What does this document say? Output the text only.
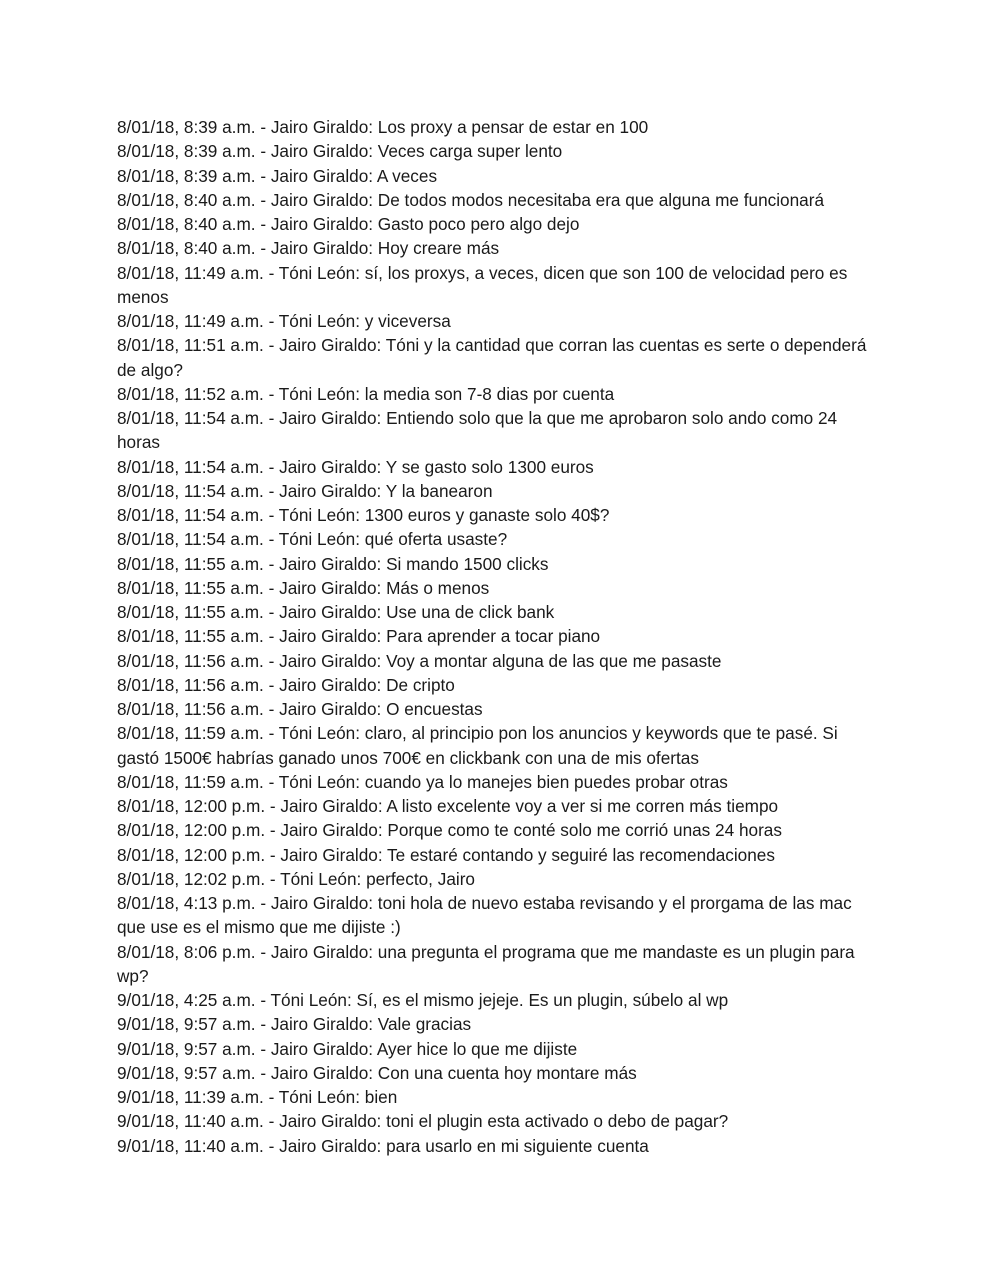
8/01/18, 8:39 a.m. - Jairo Giraldo: Los proxy a pensar de estar en 100
8/01/18, 8:39 a.m. - Jairo Giraldo: Veces carga super lento
8/01/18, 8:39 a.m. - Jairo Giraldo: A veces
8/01/18, 8:40 a.m. - Jairo Giraldo: De todos modos necesitaba era que alguna me funcionará
8/01/18, 8:40 a.m. - Jairo Giraldo: Gasto poco pero algo dejo
8/01/18, 8:40 a.m. - Jairo Giraldo: Hoy creare más
8/01/18, 11:49 a.m. - Tóni León: sí, los proxys, a veces, dicen que son 100 de velocidad pero es menos
8/01/18, 11:49 a.m. - Tóni León: y viceversa
8/01/18, 11:51 a.m. - Jairo Giraldo: Tóni y la cantidad que corran las cuentas es serte o dependerá de algo?
8/01/18, 11:52 a.m. - Tóni León: la media son 7-8 dias por cuenta
8/01/18, 11:54 a.m. - Jairo Giraldo: Entiendo solo que la que me aprobaron solo ando como 24 horas
8/01/18, 11:54 a.m. - Jairo Giraldo: Y se gasto solo 1300 euros
8/01/18, 11:54 a.m. - Jairo Giraldo: Y la banearon
8/01/18, 11:54 a.m. - Tóni León: 1300 euros y ganaste solo 40$?
8/01/18, 11:54 a.m. - Tóni León: qué oferta usaste?
8/01/18, 11:55 a.m. - Jairo Giraldo: Si mando 1500 clicks
8/01/18, 11:55 a.m. - Jairo Giraldo: Más o menos
8/01/18, 11:55 a.m. - Jairo Giraldo: Use una de click bank
8/01/18, 11:55 a.m. - Jairo Giraldo: Para aprender a tocar piano
8/01/18, 11:56 a.m. - Jairo Giraldo: Voy a montar alguna de las que me pasaste
8/01/18, 11:56 a.m. - Jairo Giraldo: De cripto
8/01/18, 11:56 a.m. - Jairo Giraldo: O encuestas
8/01/18, 11:59 a.m. - Tóni León: claro, al principio pon los anuncios y keywords que te pasé. Si gastó 1500€ habrías ganado unos 700€ en clickbank con una de mis ofertas
8/01/18, 11:59 a.m. - Tóni León: cuando ya lo manejes bien puedes probar otras
8/01/18, 12:00 p.m. - Jairo Giraldo: A listo excelente voy a ver si me corren más tiempo
8/01/18, 12:00 p.m. - Jairo Giraldo: Porque como te conté solo me corrió unas 24 horas
8/01/18, 12:00 p.m. - Jairo Giraldo: Te estaré contando y seguiré las recomendaciones
8/01/18, 12:02 p.m. - Tóni León: perfecto, Jairo
8/01/18, 4:13 p.m. - Jairo Giraldo: toni hola de nuevo estaba revisando y el prorgama de las mac que use es el mismo que me dijiste :)
8/01/18, 8:06 p.m. - Jairo Giraldo: una pregunta el programa que me mandaste es un plugin para wp?
9/01/18, 4:25 a.m. - Tóni León: Sí, es el mismo jejeje. Es un plugin, súbelo al wp
9/01/18, 9:57 a.m. - Jairo Giraldo: Vale gracias
9/01/18, 9:57 a.m. - Jairo Giraldo: Ayer hice lo que me dijiste
9/01/18, 9:57 a.m. - Jairo Giraldo: Con una cuenta hoy montare más
9/01/18, 11:39 a.m. - Tóni León: bien
9/01/18, 11:40 a.m. - Jairo Giraldo: toni el plugin esta activado o debo de pagar?
9/01/18, 11:40 a.m. - Jairo Giraldo: para usarlo en mi siguiente cuenta
